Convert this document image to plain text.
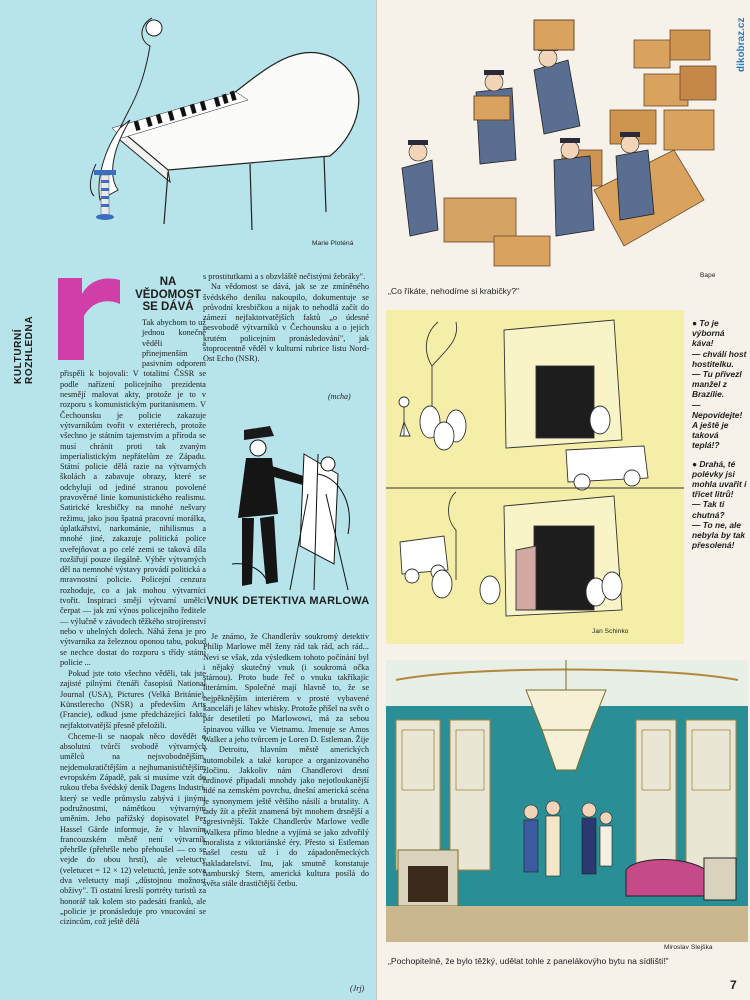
Marie Ploténá
KULTURNÍ ROZHLEDNA
NA VĚDOMOST SE DÁVÁ
Tak abychom to už jednou konečně věděli a přinejmenším pasivním odporem přispěli k bojovali: V totalitní ČSSR se podle nařízení policejního prezidenta nesmějí malovat akty, protože je to v rozporu s komunistickým puritanismem. V Čechounsku je policie zakazuje výtvarníkům tvořit v exteriérech, protože všechno je státním tajemstvím a příroda se musí chránit proti tak zvaným imperialistickým nepřátelům ze Západu. Státní policie dělá razie na výtvarných školách a zabavuje obrazy, které se odchylují od jediné stranou povolené pravověrné linie komunistického realismu. Satirické kresbičky na mnohé nešvary režimu, jako jsou špatná pracovní morálka, úplatkářství, narkománie, nihilismus a mnohé jiné, zakazuje politická police uveřejňovat a po celé zemi se taková díla rozšiřují pouze ilegálně. Výběr výtvarných děl na nemnohé výstavy provádí politická a mravnostní policie. Policejní cenzura rozhoduje, co a jak mohou výtvarníci tvořit. Inspiraci smějí výtvarní umělci čerpat — jak zní výnos policejního ředitele — výlučně v závodech těžkého strojírenství nebo v uhelných dolech. Náhá žena je pro výtvarníka za železnou oponou tabu, pokud se nechce dostat do rozporu s třídy státní policie ...

Pokud jste toto všechno věděli, tak jste zajisté pilnými čtenáři časopisů National Journal (USA), Pictures (Velká Británie), Künstlerecho (NSR) a především Arts (Francie), odkud jsme předcházející fakta nejfaktotvatější přesně přeložili.

Chceme-li se naopak něco dovědět o absolutní tvůrčí svobodě výtvarných umělců na nejsvobodnějším, nejdemokratičtějším a nejhumanističtějším evropském Západě, pak si musíme vzít do rukou třeba švédský deník Dagens Industri, který se vedle průmyslu zabývá i jinými podružnostmi, námětkou výtvarným uměním. Jeho pařížský dopisovatel Per Hassel Gärde informuje, že v hlavním francouzském městě není výtvarník přehršle (přehršle nebo přehoušel — co se vejde do obou hrstí), ale veletucty (veletucet = 12 × 12) veletuctů, jenže sotva dva veletucty mají „důstojnou možnost obživy". Ti ostatní kreslí portréty turistů za honorář tak kolem sto padesáti franků, ale „policie je pronásleduje pro vnucování se cizincům, což ještě dělá

s prostitutkami a s obzvláště nečistými žebráky".

Na vědomost se dává, jak se ze zmíněného švédského deníku nakoupilo, dokumentuje se průvodní kresbičkou a nijak to nehodlá začít do zámezí nejfaktotvatějších faktů „o údesné nesvobodě výtvarníků v Čechounsku a o jejich krutém policejním pronásledování", jak stoprocentně věděl v kulturní rubrice listu Nord-Ost Echo (NSR).

(mcha)
VNUK DETEKTIVA MARLOWA

Je známo, že Chandlerův soukromý detektiv Philip Marlowe měl ženy rád tak rád, ach rád... Nevi se však, zda výsledkem tohoto počínání byl i nějaký skutečný vnuk (i soukromá očka stárnou). Proto bude řeč o vnuku takříkajíc literárním. Společné mají hlavně to, že se nejpěknějším interiérem v prosté vybavené kanceláři je láhev whisky. Protože přišel na svět o pár desetiletí po Marlowowi, má za sebou špinavou válku ve Vietnamu. Jmenuje se Amos Walker a jeho tvůrcem je Loren D. Estleman. Žije v Detroitu, hlavním městě amerických automobilek a také korupce a organizovaného zločinu. Jakkoliv nám Chandlerovi drsní hrdinové připadali mnohdy jako nejotloukanější lidé na zemském povrchu, dnešní americká scéna je synonymem ještě většího násilí a brutality. A tady žít a přežít znamená být mnohem drsnější a agresivnější. Takže Chandlerův Marlowe vedle Walkera přímo bledne a vyjímá se jako zdvořilý moralista z viktoriánské éry. Přesto si Estleman našel cestu už i do západoněmeckých nakladatelství. Inu, jak smutně konstatuje hamburský Stern, americká kultura posílá do světa stále drastičtější četbu.

(Jrj)
dikobraz.cz
Bape
„Co říkáte, nehodíme si krabičky?"
Jan Schinko
● To je výborná káva!
— chválí host hostitelku.
— Tu přivezl manžel z Brazílie.
— Nepovídejte! A ještě je taková teplá!?
● Drahá, té polévky jsi mohla uvařit i třicet litrů!
— Tak ti chutná?
— To ne, ale nebyla by tak přesolená!
Miroslav Slejška
„Pochopitelně, že bylo těžký, udělat tohle z panelákovýho bytu na sídlišti!"
7
